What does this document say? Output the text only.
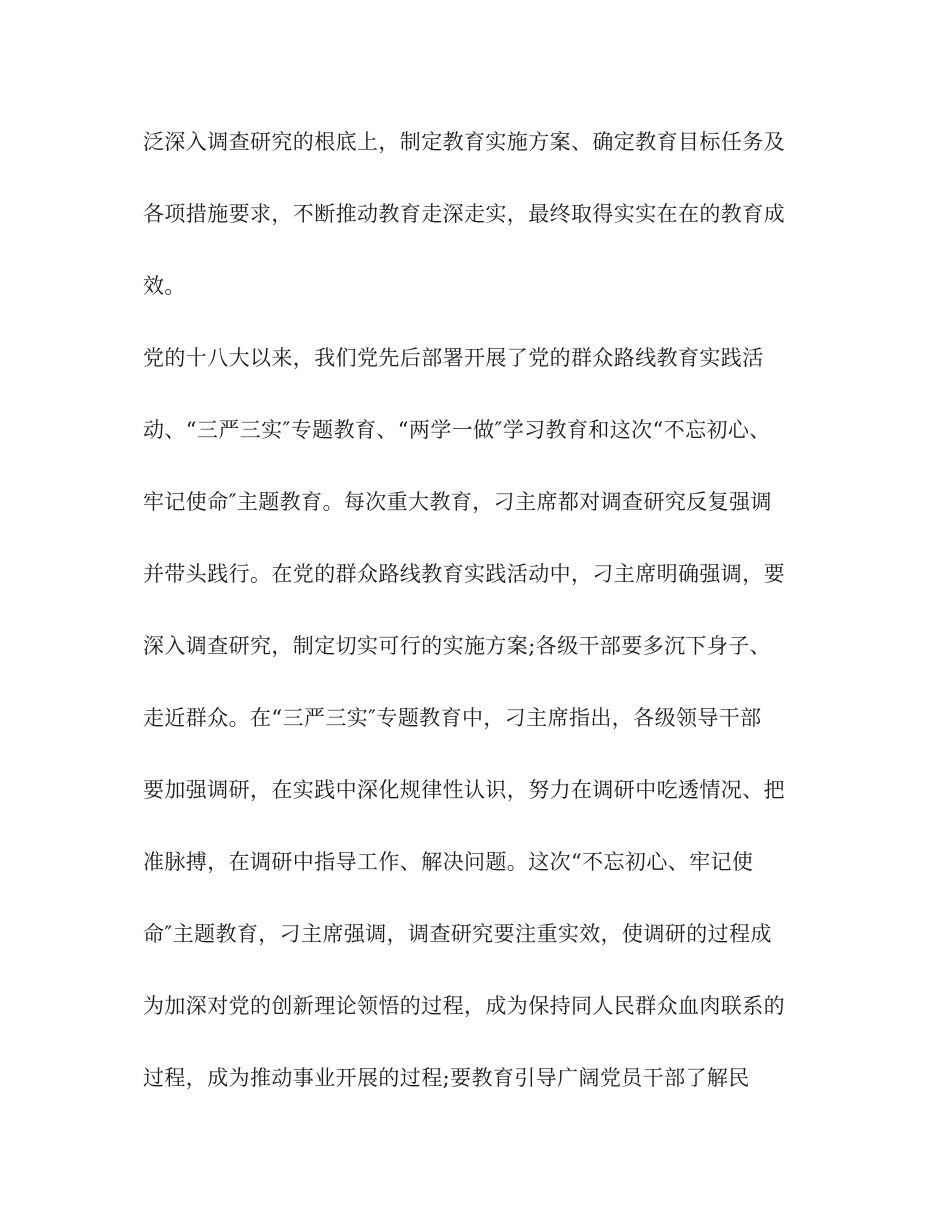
泛深入调查研究的根底上，制定教育实施方案、确定教育目标任务及
各项措施要求，不断推动教育走深走实，最终取得实实在在的教育成
效。
党的十八大以来，我们党先后部署开展了党的群众路线教育实践活
动、“三严三实″专题教育、“两学一做″学习教育和这次“不忘初心、
牢记使命″主题教育。每次重大教育，刁主席都对调查研究反复强调
并带头践行。在党的群众路线教育实践活动中，刁主席明确强调，要
深入调查研究，制定切实可行的实施方案;各级干部要多沉下身子、
走近群众。在“三严三实″专题教育中，刁主席指出，各级领导干部
要加强调研，在实践中深化规律性认识，努力在调研中吃透情况、把
准脉搏，在调研中指导工作、解决问题。这次“不忘初心、牢记使
命″主题教育，刁主席强调，调查研究要注重实效，使调研的过程成
为加深对党的创新理论领悟的过程，成为保持同人民群众血肉联系的
过程，成为推动事业开展的过程;要教育引导广阔党员干部了解民
